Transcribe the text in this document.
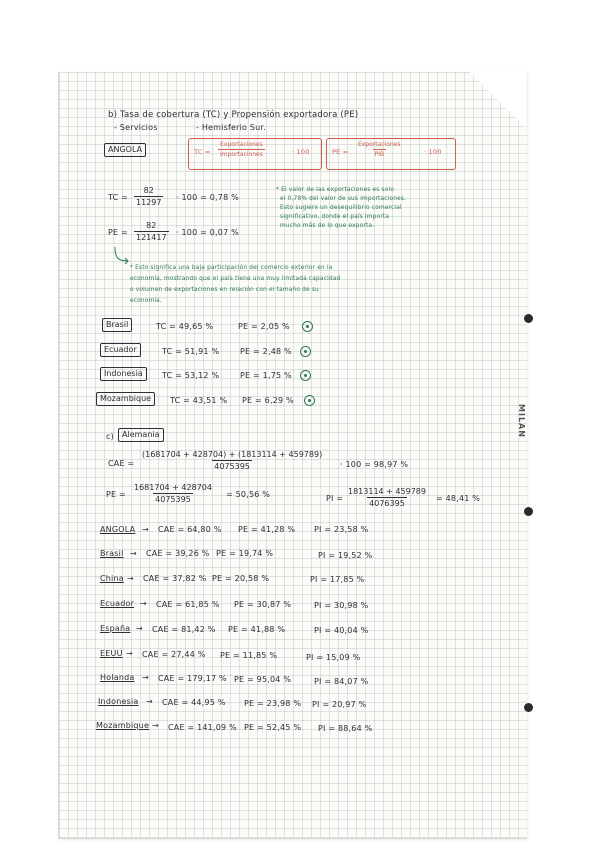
b) Tasa de cobertura (TC) y Propensión exportadora (PE)
- Servicios	- Hemisferio Sur.
ANGOLA	TC =
Exportaciones
Importaciones	· 100	PE =
Exportaciones
PIB	· 100
TC = $\frac{82}{11297} \cdot 100 = 0,78$ %
PE = $\frac{82}{121417} \cdot 100 = 0,07$ %
* El valor de las exportaciones es solo
el 0,78% del valor de sus importaciones.
Esto sugiere un desequilibrio comercial
significativo, donde el país importa
mucho más de lo que exporta.
* Esto significa una baja participación del comercio exterior en la
economía, mostrando que el país tiene una muy limitada capacidad
o volumen de exportaciones en relación con el tamaño de su
economía.
Brasil	TC = 49,65 %	PE = 2,05 %
Ecuador	TC = 51,91 %	PE = 2,48 %
Indonesia	TC = 53,12 %	PE = 1,75 %
Mozambique	TC = 43,51 % PE = 6,29 %
c)	Alemania
CAE = $\frac{(1681704 + 428704) + (1813114 + 459789)}{4075395} \cdot 100 = 98,97$ %
PE = $\frac{1681704 + 428704}{4075395} = 50,56$ %	PI = $\frac{1813114 + 459789}{4076395} = 48,41$ %
ANGOLA → CAE = 64,80 % PE = 41,28 % PI = 23,58 %
Brasil → CAE = 39,26 % PE = 19,74 %	PI = 19,52 %
China → CAE = 37,82 % PE = 20,58 %	PI = 17,85 %
Ecuador → CAE = 61,85 % PE = 30,87 %	PI = 30,98 %
España → CAE = 81,42 % PE = 41,88 %	PI = 40,04 %
EEUU → CAE = 27,44 % PE = 11,85 %	PI = 15,09 %
Holanda → CAE = 179,17 % PE = 95,04 %	PI = 84,07 %
Indonesia → CAE = 44,95 % PE = 23,98 % PI = 20,97 %
Mozambique → CAE = 141,09 % PE = 52,45 % PI = 88,64 %
MILAN
